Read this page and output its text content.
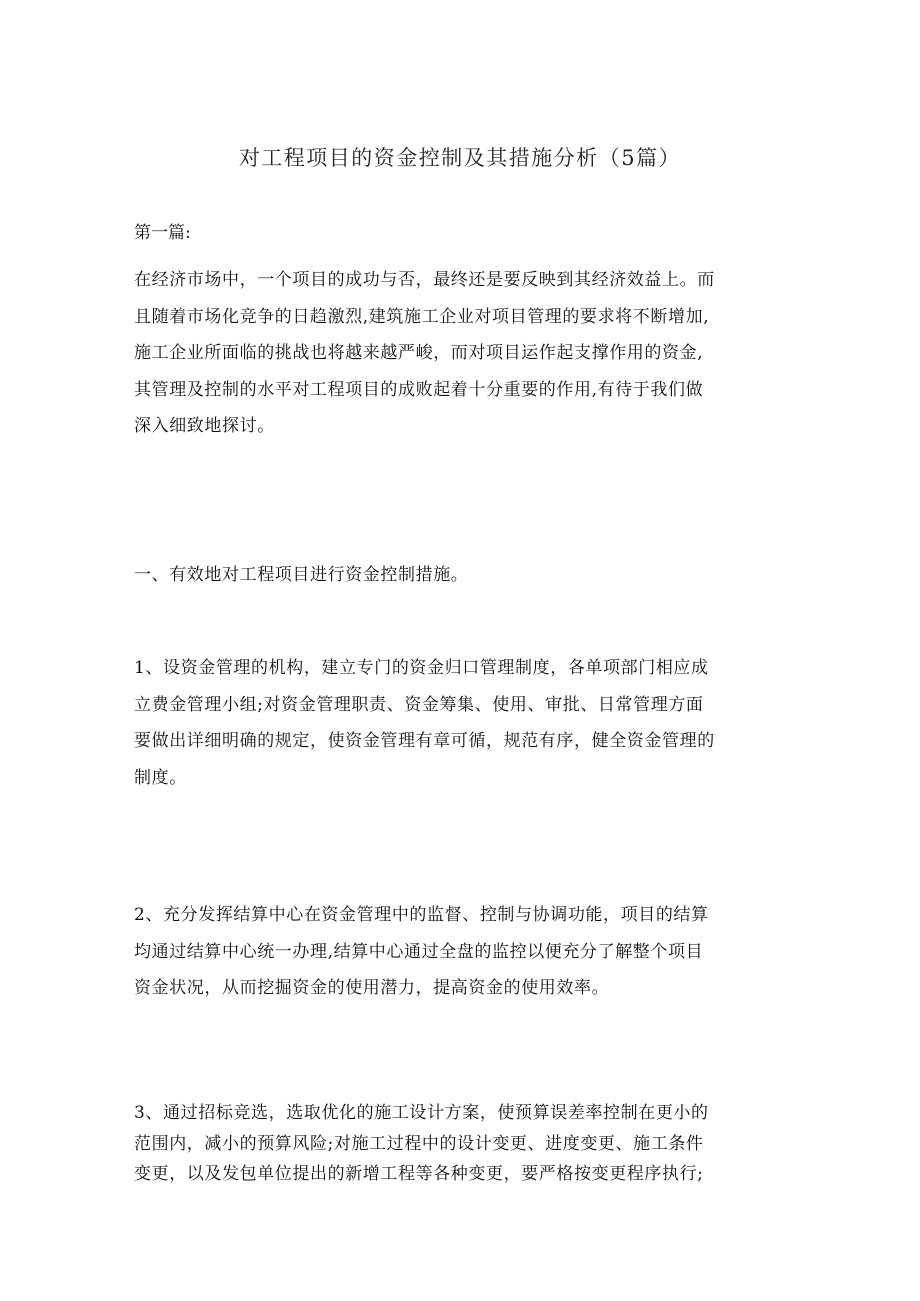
对工程项目的资金控制及其措施分析（5篇）
第一篇:

在经济市场中，一个项目的成功与否，最终还是要反映到其经济效益上。而
且随着市场化竞争的日趋激烈,建筑施工企业对项目管理的要求将不断增加,
施工企业所面临的挑战也将越来越严峻，而对项目运作起支撑作用的资金,
其管理及控制的水平对工程项目的成败起着十分重要的作用,有待于我们做
深入细致地探讨。

一、有效地对工程项目进行资金控制措施。

1、设资金管理的机构，建立专门的资金归口管理制度，各单项部门相应成
立费金管理小组;对资金管理职责、资金筹集、使用、审批、日常管理方面
要做出详细明确的规定，使资金管理有章可循，规范有序，健全资金管理的
制度。

2、充分发挥结算中心在资金管理中的监督、控制与协调功能，项目的结算
均通过结算中心统一办理,结算中心通过全盘的监控以便充分了解整个项目
资金状况，从而挖掘资金的使用潜力，提高资金的使用效率。

3、通过招标竞选，选取优化的施工设计方案，使预算误差率控制在更小的
范围内，减小的预算风险;对施工过程中的设计变更、进度变更、施工条件
变更，以及发包单位提出的新增工程等各种变更，要严格按变更程序执行;
